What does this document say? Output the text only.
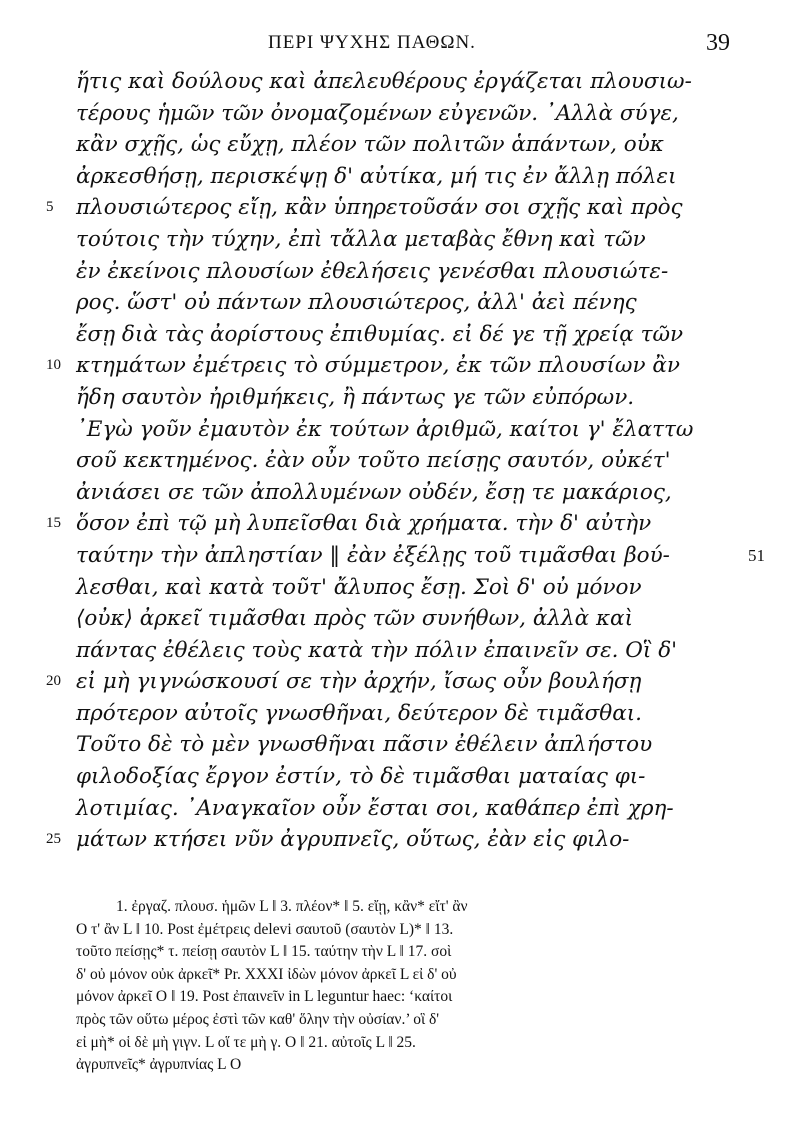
ΠΕΡΙ ΨΥΧΗΣ ΠΑΘΩΝ.	39
ἥτις καὶ δούλους καὶ ἀπελευθέρους ἐργάζεται πλουσιω-
τέρους ἡμῶν τῶν ὀνομαζομένων εὐγενῶν. ᾿Αλλὰ σύγε,
κἂν σχῇς, ὡς εὔχῃ, πλέον τῶν πολιτῶν ἁπάντων, οὐκ
ἀρκεσθήσῃ, περισκέψῃ δ' αὐτίκα, μή τις ἐν ἄλλῃ πόλει
5 πλουσιώτερος εἴῃ, κἂν ὑπηρετοῦσάν σοι σχῇς καὶ πρὸς
τούτοις τὴν τύχην, ἐπὶ τἄλλα μεταβὰς ἔθνη καὶ τῶν
ἐν ἐκείνοις πλουσίων ἐθελήσεις γενέσθαι πλουσιώτε-
ρος. ὥστ' οὐ πάντων πλουσιώτερος, ἀλλ' ἀεὶ πένης
ἔσῃ διὰ τὰς ἀορίστους ἐπιθυμίας. εἰ δέ γε τῇ χρείᾳ τῶν
10 κτημάτων ἐμέτρεις τὸ σύμμετρον, ἐκ τῶν πλουσίων ἂν
ἤδη σαυτὸν ἠριθμήκεις, ἢ πάντως γε τῶν εὐπόρων.
᾿Εγὼ γοῦν ἐμαυτὸν ἐκ τούτων ἀριθμῶ, καίτοι γ' ἔλαττω
σοῦ κεκτημένος. ἐὰν οὖν τοῦτο πείσῃς σαυτόν, οὐκέτ'
ἀνιάσει σε τῶν ἀπολλυμένων οὐδέν, ἔσῃ τε μακάριος,
15 ὅσον ἐπὶ τῷ μὴ λυπεῖσθαι διὰ χρήματα. τὴν δ' αὐτὴν
ταύτην τὴν ἀπληστίαν ‖ ἐὰν ἐξέλῃς τοῦ τιμᾶσθαι βού-	51
λεσθαι, καὶ κατὰ τοῦτ' ἄλυπος ἔσῃ. Σοὶ δ' οὐ μόνον
⟨οὐκ⟩ ἀρκεῖ τιμᾶσθαι πρὸς τῶν συνήθων, ἀλλὰ καὶ
πάντας ἐθέλεις τοὺς κατὰ τὴν πόλιν ἐπαινεῖν σε. Οἳ δ'
20 εἰ μὴ γιγνώσκουσί σε τὴν ἀρχήν, ἴσως οὖν βουλήσῃ
πρότερον αὐτοῖς γνωσθῆναι, δεύτερον δὲ τιμᾶσθαι.
Τοῦτο δὲ τὸ μὲν γνωσθῆναι πᾶσιν ἐθέλειν ἀπλήστου
φιλοδοξίας ἔργον ἐστίν, τὸ δὲ τιμᾶσθαι ματαίας φι-
λοτιμίας. ᾿Αναγκαῖον οὖν ἔσται σοι, καθάπερ ἐπὶ χρη-
25 μάτων κτήσει νῦν ἀγρυπνεῖς, οὕτως, ἐὰν εἰς φιλο-
1. ἐργαζ. πλουσ. ἡμῶν L ‖ 3. πλέον* ‖ 5. εἴῃ, κἂν* εἴτ' ἂν
O τ' ἂν L ‖ 10. Post ἐμέτρεις delevi σαυτοῦ (σαυτὸν L)* ‖ 13.
τοῦτο πείσῃς* τ. πείσῃ σαυτὸν L ‖ 15. ταύτην τὴν L ‖ 17. σοὶ
δ' οὐ μόνον οὐκ ἀρκεῖ* Pr. XXXI ἰδὼν μόνον ἀρκεῖ L εἰ δ' οὐ
μόνον ἀρκεῖ O ‖ 19. Post ἐπαινεῖν in L leguntur haec: ‘καίτοι
πρὸς τῶν οὕτω μέρος ἐστὶ τῶν καθ' ὅλην τὴν οὐσίαν.’ οἳ δ'
εἰ μὴ* οἱ δὲ μὴ γιγν. L οἵ τε μὴ γ. O ‖ 21. αὐτοῖς L ‖ 25.
ἀγρυπνεῖς* ἀγρυπνίας L O
